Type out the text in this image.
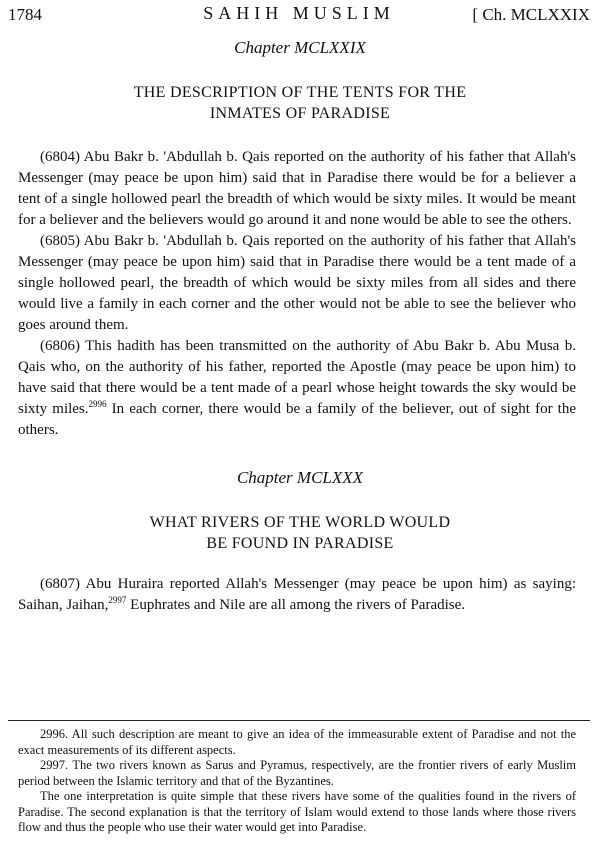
1784	SAHIH MUSLIM	[ Ch. MCLXXIX
Chapter MCLXXIX
THE DESCRIPTION OF THE TENTS FOR THE
INMATES OF PARADISE

(6804) Abu Bakr b. 'Abdullah b. Qais reported on the authority of his father that Allah's Messenger (may peace be upon him) said that in Paradise there would be for a believer a tent of a single hollowed pearl the breadth of which would be sixty miles. It would be meant for a believer and the believers would go around it and none would be able to see the others.

(6805) Abu Bakr b. 'Abdullah b. Qais reported on the authority of his father that Allah's Messenger (may peace be upon him) said that in Paradise there would be a tent made of a single hollowed pearl, the breadth of which would be sixty miles from all sides and there would live a family in each corner and the other would not be able to see the believer who goes around them.

(6806) This hadith has been transmitted on the authority of Abu Bakr b. Abu Musa b. Qais who, on the authority of his father, reported the Apostle (may peace be upon him) to have said that there would be a tent made of a pearl whose height towards the sky would be sixty miles.$^{2996}$ In each corner, there would be a family of the believer, out of sight for the others.

Chapter MCLXXX
WHAT RIVERS OF THE WORLD WOULD
BE FOUND IN PARADISE

(6807) Abu Huraira reported Allah's Messenger (may peace be upon him) as saying: Saihan, Jaihan,$^{2997}$ Euphrates and Nile are all among the rivers of Paradise.

2996. All such description are meant to give an idea of the immeasurable extent of Paradise and not the exact measurements of its different aspects.

2997. The two rivers known as Sarus and Pyramus, respectively, are the frontier rivers of early Muslim period between the Islamic territory and that of the Byzantines.

The one interpretation is quite simple that these rivers have some of the qualities found in the rivers of Paradise. The second explanation is that the territory of Islam would extend to those lands where those rivers flow and thus the people who use their water would get into Paradise.
